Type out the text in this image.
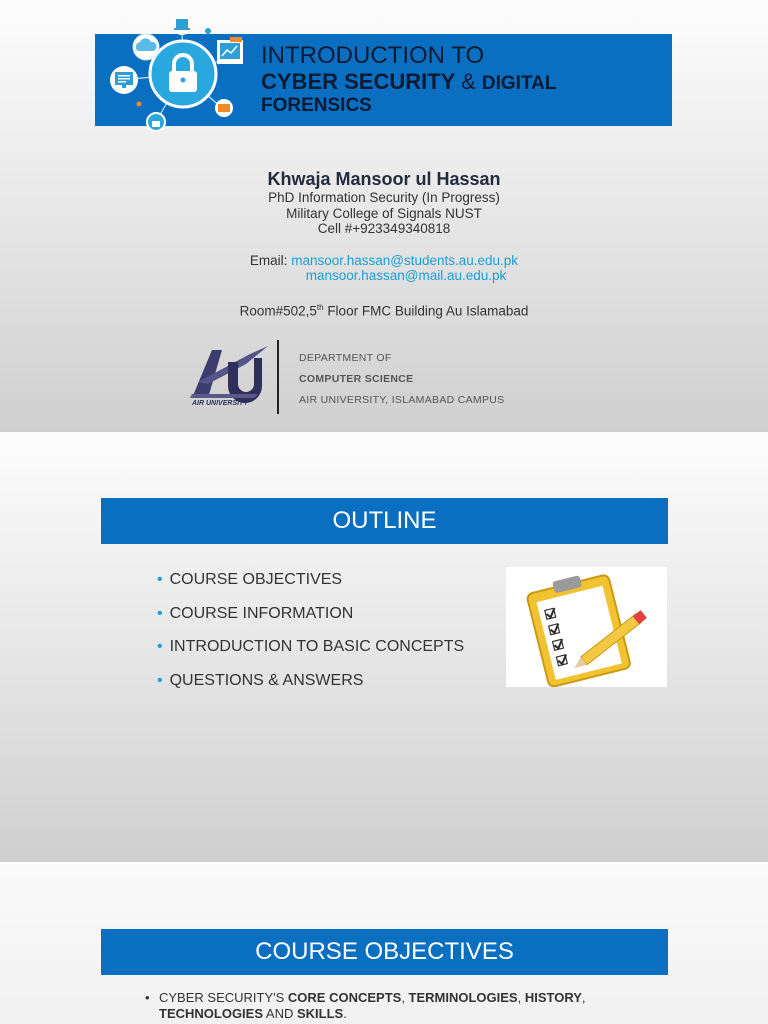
INTRODUCTION TO
CYBER SECURITY & DIGITAL
FORENSICS
Khwaja Mansoor ul Hassan
PhD Information Security (In Progress)
Military College of Signals NUST
Cell #+923349340818
Email: mansoor.hassan@students.au.edu.pk
mansoor.hassan@mail.au.edu.pk
Room#502,5th Floor FMC Building Au Islamabad
AIR UNIVERSITY
DEPARTMENT OF
COMPUTER SCIENCE
AIR UNIVERSITY, ISLAMABAD CAMPUS
OUTLINE
• COURSE OBJECTIVES
• COURSE INFORMATION
• INTRODUCTION TO BASIC CONCEPTS
• QUESTIONS & ANSWERS
COURSE OBJECTIVES
• CYBER SECURITY'S CORE CONCEPTS, TERMINOLOGIES, HISTORY,
TECHNOLOGIES AND SKILLS.
